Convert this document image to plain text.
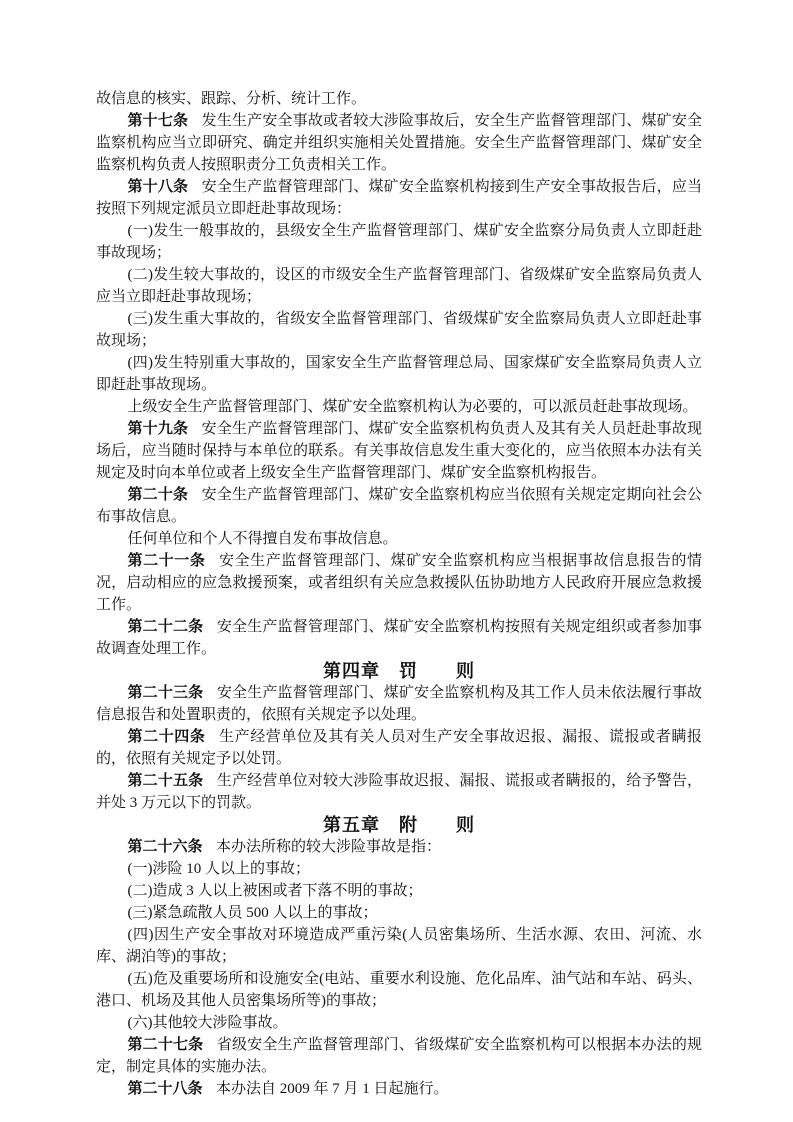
故信息的核实、跟踪、分析、统计工作。

第十七条 发生生产安全事故或者较大涉险事故后，安全生产监督管理部门、煤矿安全监察机构应当立即研究、确定并组织实施相关处置措施。安全生产监督管理部门、煤矿安全监察机构负责人按照职责分工负责相关工作。

第十八条 安全生产监督管理部门、煤矿安全监察机构接到生产安全事故报告后，应当按照下列规定派员立即赶赴事故现场：

(一)发生一般事故的，县级安全生产监督管理部门、煤矿安全监察分局负责人立即赶赴事故现场；

(二)发生较大事故的，设区的市级安全生产监督管理部门、省级煤矿安全监察局负责人应当立即赶赴事故现场；

(三)发生重大事故的，省级安全监督管理部门、省级煤矿安全监察局负责人立即赶赴事故现场；

(四)发生特别重大事故的，国家安全生产监督管理总局、国家煤矿安全监察局负责人立即赶赴事故现场。

上级安全生产监督管理部门、煤矿安全监察机构认为必要的，可以派员赶赴事故现场。

第十九条 安全生产监督管理部门、煤矿安全监察机构负责人及其有关人员赶赴事故现场后，应当随时保持与本单位的联系。有关事故信息发生重大变化的，应当依照本办法有关规定及时向本单位或者上级安全生产监督管理部门、煤矿安全监察机构报告。

第二十条 安全生产监督管理部门、煤矿安全监察机构应当依照有关规定定期向社会公布事故信息。

任何单位和个人不得擅自发布事故信息。

第二十一条 安全生产监督管理部门、煤矿安全监察机构应当根据事故信息报告的情况，启动相应的应急救援预案，或者组织有关应急救援队伍协助地方人民政府开展应急救援工作。

第二十二条 安全生产监督管理部门、煤矿安全监察机构按照有关规定组织或者参加事故调查处理工作。

第四章　罚　　则

第二十三条 安全生产监督管理部门、煤矿安全监察机构及其工作人员未依法履行事故信息报告和处置职责的，依照有关规定予以处理。

第二十四条 生产经营单位及其有关人员对生产安全事故迟报、漏报、谎报或者瞒报的，依照有关规定予以处罚。

第二十五条 生产经营单位对较大涉险事故迟报、漏报、谎报或者瞒报的，给予警告，并处 3 万元以下的罚款。

第五章　附　　则

第二十六条 本办法所称的较大涉险事故是指：

(一)涉险 10 人以上的事故；

(二)造成 3 人以上被困或者下落不明的事故；

(三)紧急疏散人员 500 人以上的事故；

(四)因生产安全事故对环境造成严重污染(人员密集场所、生活水源、农田、河流、水库、湖泊等)的事故；

(五)危及重要场所和设施安全(电站、重要水利设施、危化品库、油气站和车站、码头、港口、机场及其他人员密集场所等)的事故；

(六)其他较大涉险事故。

第二十七条 省级安全生产监督管理部门、省级煤矿安全监察机构可以根据本办法的规定，制定具体的实施办法。

第二十八条 本办法自 2009 年 7 月 1 日起施行。
